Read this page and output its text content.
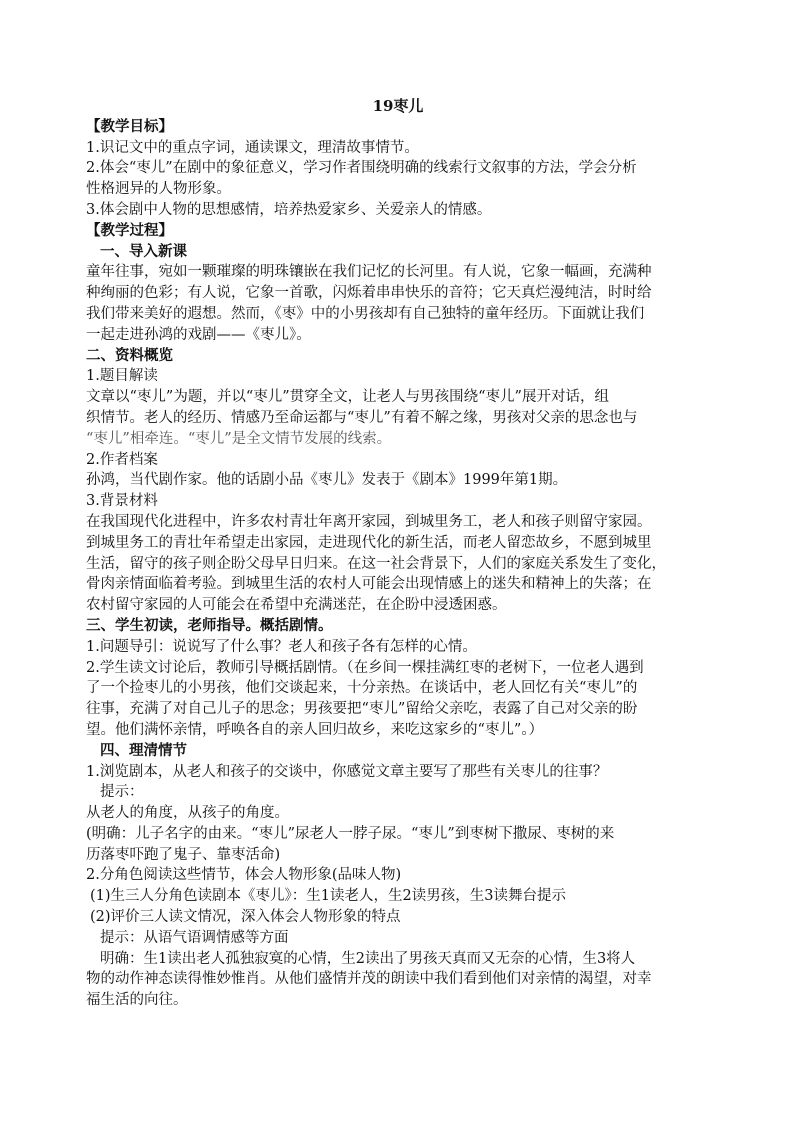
19枣儿
【教学目标】
1.识记文中的重点字词，通读课文，理清故事情节。
2.体会“枣儿”在剧中的象征意义，学习作者围绕明确的线索行文叙事的方法，学会分析
性格迥异的人物形象。
3.体会剧中人物的思想感情，培养热爱家乡、关爱亲人的情感。
【教学过程】
一、导入新课
童年往事，宛如一颗璀璨的明珠镶嵌在我们记忆的长河里。有人说，它象一幅画，充满种
种绚丽的色彩；有人说，它象一首歌，闪烁着串串快乐的音符；它天真烂漫纯洁，时时给
我们带来美好的遐想。然而，《枣》中的小男孩却有自己独特的童年经历。下面就让我们
一起走进孙鸿的戏剧——《枣儿》。
二、资料概览
1.题目解读
文章以“枣儿”为题，并以“枣儿”贯穿全文，让老人与男孩围绕“枣儿”展开对话，组
织情节。老人的经历、情感乃至命运都与“枣儿”有着不解之缘，男孩对父亲的思念也与
“枣儿”相牵连。“枣儿”是全文情节发展的线索。
2.作者档案
孙鸿，当代剧作家。他的话剧小品《枣儿》发表于《剧本》1999年第1期。
3.背景材料
在我国现代化进程中，许多农村青壮年离开家园，到城里务工，老人和孩子则留守家园。
到城里务工的青壮年希望走出家园，走进现代化的新生活，而老人留恋故乡，不愿到城里
生活，留守的孩子则企盼父母早日归来。在这一社会背景下，人们的家庭关系发生了变化，
骨肉亲情面临着考验。到城里生活的农村人可能会出现情感上的迷失和精神上的失落；在
农村留守家园的人可能会在希望中充满迷茫，在企盼中浸透困惑。
三、学生初读，老师指导。概括剧情。
1.问题导引：说说写了什么事？老人和孩子各有怎样的心情。
2.学生读文讨论后，教师引导概括剧情。（在乡间一棵挂满红枣的老树下，一位老人遇到
了一个捡枣儿的小男孩，他们交谈起来，十分亲热。在谈话中，老人回忆有关“枣儿”的
往事，充满了对自己儿子的思念；男孩要把“枣儿”留给父亲吃，表露了自己对父亲的盼
望。他们满怀亲情，呼唤各自的亲人回归故乡，来吃这家乡的“枣儿”。）
四、理清情节
1.浏览剧本，从老人和孩子的交谈中，你感觉文章主要写了那些有关枣儿的往事？
提示：
从老人的角度，从孩子的角度。
(明确：儿子名字的由来。“枣儿”尿老人一脖子尿。“枣儿”到枣树下撒尿、枣树的来
历落枣吓跑了鬼子、靠枣活命)
2.分角色阅读这些情节，体会人物形象(品味人物)
(1)生三人分角色读剧本《枣儿》：生1读老人，生2读男孩，生3读舞台提示
(2)评价三人读文情况，深入体会人物形象的特点
提示：从语气语调情感等方面
明确：生1读出老人孤独寂寞的心情，生2读出了男孩天真而又无奈的心情，生3将人
物的动作神态读得惟妙惟肖。从他们盛情并茂的朗读中我们看到他们对亲情的渴望，对幸
福生活的向往。
